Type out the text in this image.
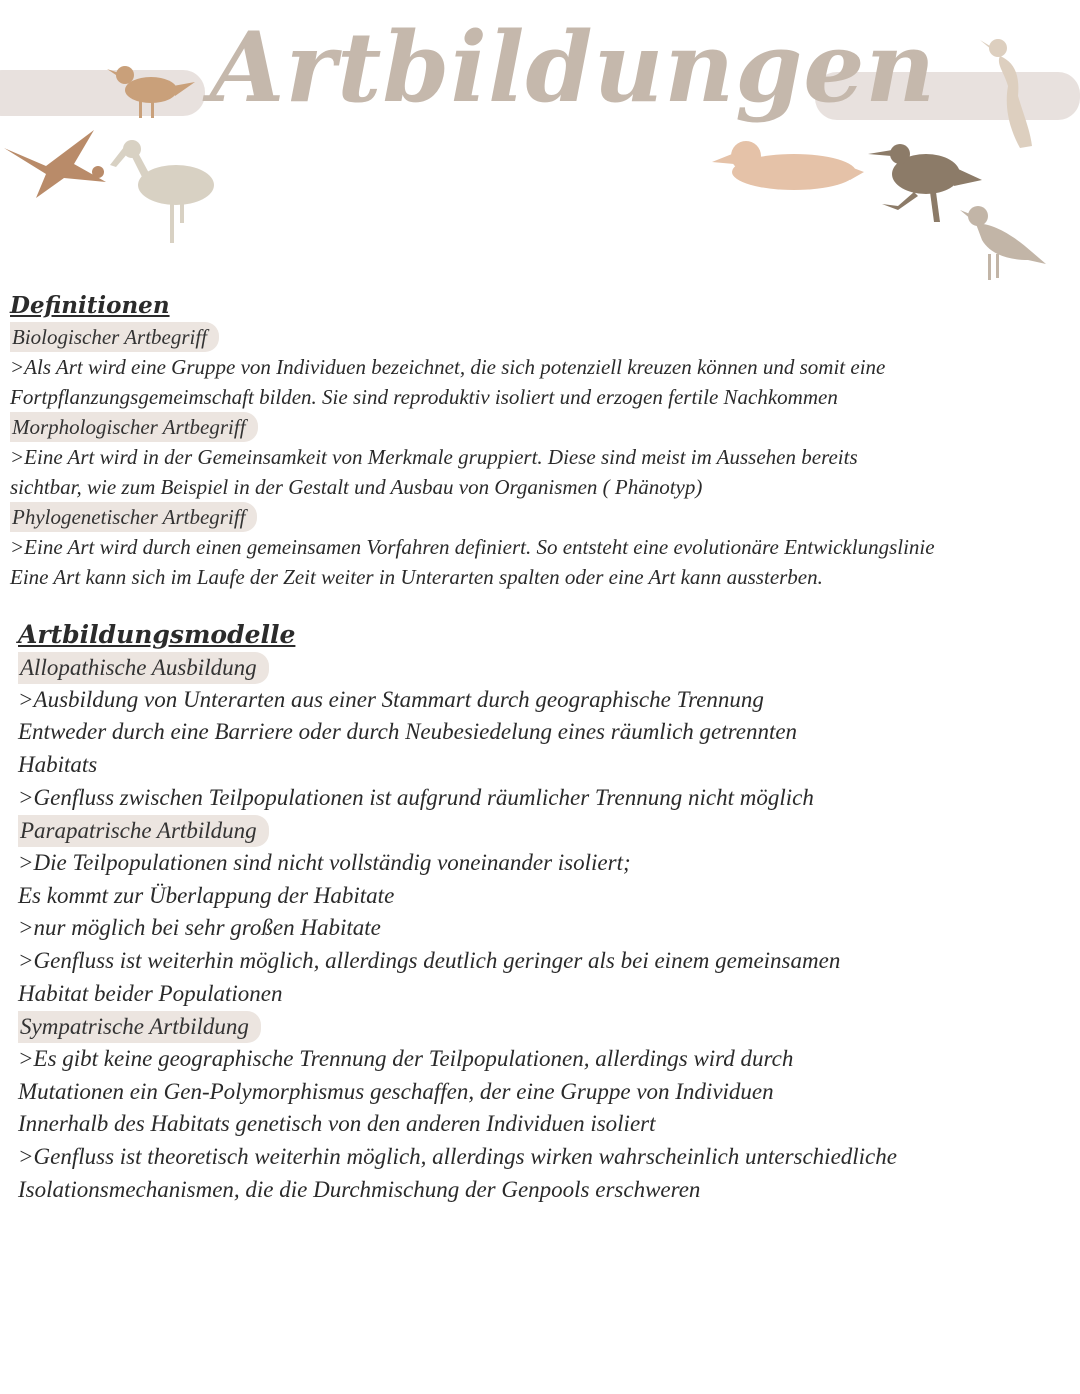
Artbildungen
Definitionen
Biologischer Artbegriff

>Als Art wird eine Gruppe von Individuen bezeichnet, die sich potenziell kreuzen können und somit eine

Fortpflanzungsgemeimschaft bilden. Sie sind reproduktiv isoliert und erzogen fertile Nachkommen

Morphologischer Artbegriff

>Eine Art wird in der Gemeinsamkeit von Merkmale gruppiert. Diese sind meist im Aussehen bereits

sichtbar, wie zum Beispiel in der Gestalt und Ausbau von Organismen ( Phänotyp)

Phylogenetischer Artbegriff

>Eine Art wird durch einen gemeinsamen Vorfahren definiert. So entsteht eine evolutionäre Entwicklungslinie

Eine Art kann sich im Laufe der Zeit weiter in Unterarten spalten oder eine Art kann aussterben.

Artbildungsmodelle
Allopathische Ausbildung

>Ausbildung von Unterarten aus einer Stammart durch geographische Trennung

Entweder durch eine Barriere oder durch Neubesiedelung eines räumlich getrennten

Habitats

>Genfluss zwischen Teilpopulationen ist aufgrund räumlicher Trennung nicht möglich

Parapatrische Artbildung

>Die Teilpopulationen sind nicht vollständig voneinander isoliert;

Es kommt zur Überlappung der Habitate

>nur möglich bei sehr großen Habitate

>Genfluss ist weiterhin möglich, allerdings deutlich geringer als bei einem gemeinsamen

Habitat beider Populationen

Sympatrische Artbildung

>Es gibt keine geographische Trennung der Teilpopulationen, allerdings wird durch

Mutationen ein Gen-Polymorphismus geschaffen, der eine Gruppe von Individuen

Innerhalb des Habitats genetisch von den anderen Individuen isoliert

>Genfluss ist theoretisch weiterhin möglich, allerdings wirken wahrscheinlich unterschiedliche

Isolationsmechanismen, die die Durchmischung der Genpools erschweren
